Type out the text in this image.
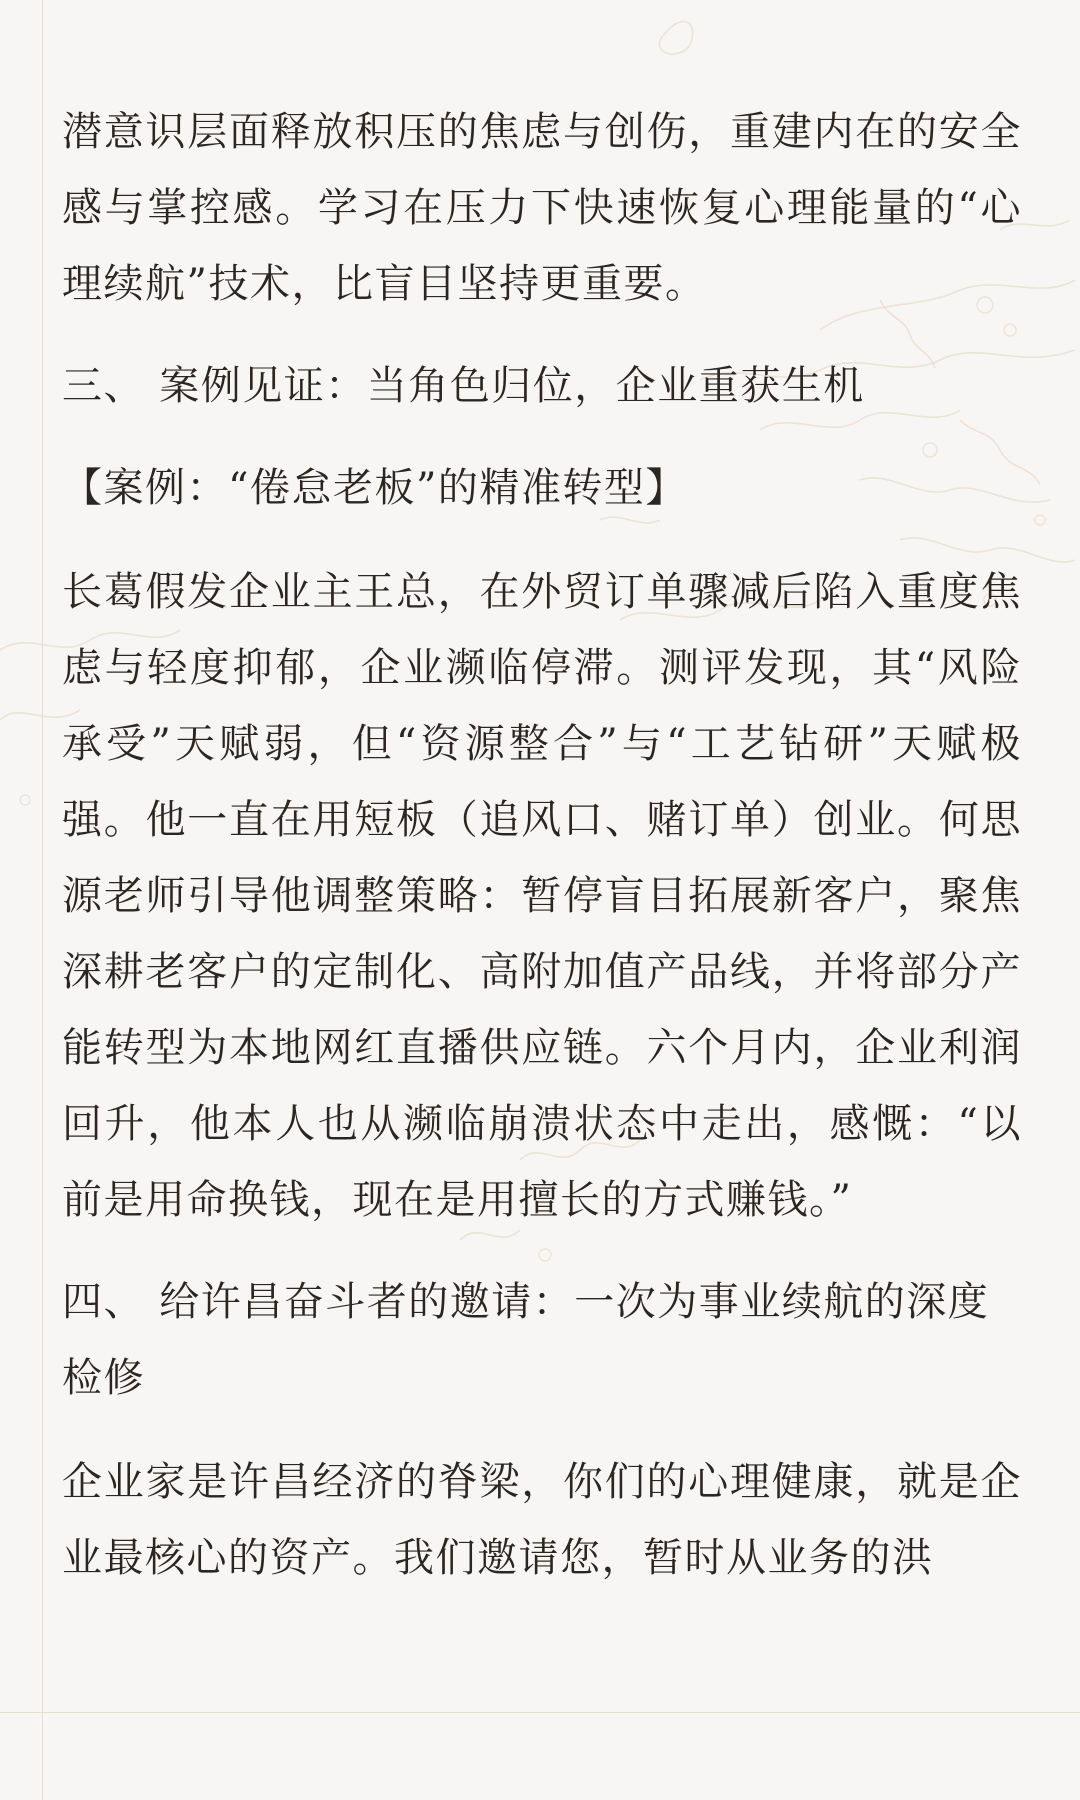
潜意识层面释放积压的焦虑与创伤，重建内在的安全感与掌控感。学习在压力下快速恢复心理能量的“心理续航”技术，比盲目坚持更重要。

三、 案例见证：当角色归位，企业重获生机

【案例：“倦怠老板”的精准转型】

长葛假发企业主王总，在外贸订单骤减后陷入重度焦虑与轻度抑郁，企业濒临停滞。测评发现，其“风险承受”天赋弱，但“资源整合”与“工艺钻研”天赋极强。他一直在用短板（追风口、赌订单）创业。何思源老师引导他调整策略：暂停盲目拓展新客户，聚焦深耕老客户的定制化、高附加值产品线，并将部分产能转型为本地网红直播供应链。六个月内，企业利润回升，他本人也从濒临崩溃状态中走出，感慨：“以前是用命换钱，现在是用擅长的方式赚钱。”

四、 给许昌奋斗者的邀请：一次为事业续航的深度检修

企业家是许昌经济的脊梁，你们的心理健康，就是企业最核心的资产。我们邀请您，暂时从业务的洪
